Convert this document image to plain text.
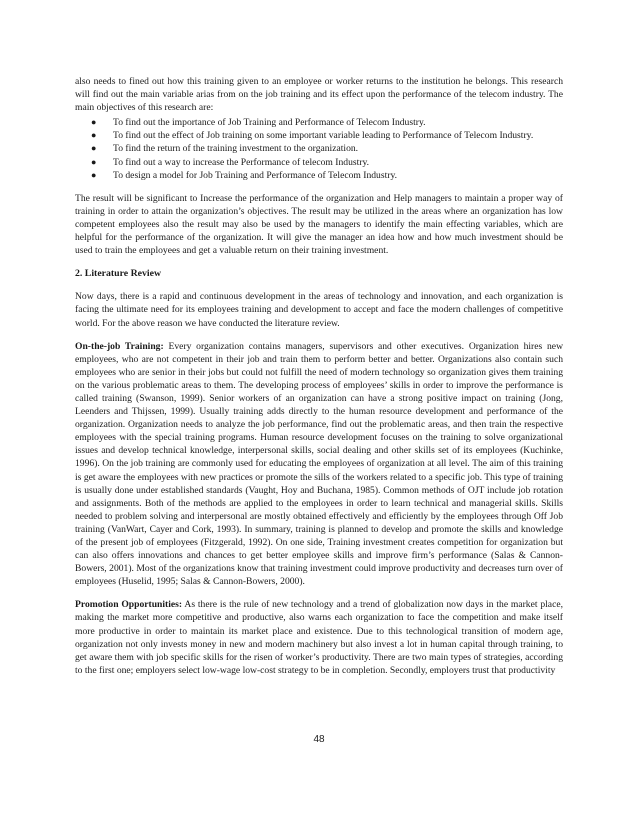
also needs to fined out how this training given to an employee or worker returns to the institution he belongs. This research will find out the main variable arias from on the job training and its effect upon the performance of the telecom industry. The main objectives of this research are:

● To find out the importance of Job Training and Performance of Telecom Industry.
● To find out the effect of Job training on some important variable leading to Performance of Telecom Industry.
● To find the return of the training investment to the organization.
● To find out a way to increase the Performance of telecom Industry.
● To design a model for Job Training and Performance of Telecom Industry.

The result will be significant to Increase the performance of the organization and Help managers to maintain a proper way of training in order to attain the organization’s objectives. The result may be utilized in the areas where an organization has low competent employees also the result may also be used by the managers to identify the main effecting variables, which are helpful for the performance of the organization. It will give the manager an idea how and how much investment should be used to train the employees and get a valuable return on their training investment.

2. Literature Review

Now days, there is a rapid and continuous development in the areas of technology and innovation, and each organization is facing the ultimate need for its employees training and development to accept and face the modern challenges of competitive world. For the above reason we have conducted the literature review.

On-the-job Training: Every organization contains managers, supervisors and other executives. Organization hires new employees, who are not competent in their job and train them to perform better and better. Organizations also contain such employees who are senior in their jobs but could not fulfill the need of modern technology so organization gives them training on the various problematic areas to them. The developing process of employees’ skills in order to improve the performance is called training (Swanson, 1999). Senior workers of an organization can have a strong positive impact on training (Jong, Leenders and Thijssen, 1999). Usually training adds directly to the human resource development and performance of the organization. Organization needs to analyze the job performance, find out the problematic areas, and then train the respective employees with the special training programs. Human resource development focuses on the training to solve organizational issues and develop technical knowledge, interpersonal skills, social dealing and other skills set of its employees (Kuchinke, 1996). On the job training are commonly used for educating the employees of organization at all level. The aim of this training is get aware the employees with new practices or promote the sills of the workers related to a specific job. This type of training is usually done under established standards (Vaught, Hoy and Buchana, 1985). Common methods of OJT include job rotation and assignments. Both of the methods are applied to the employees in order to learn technical and managerial skills. Skills needed to problem solving and interpersonal are mostly obtained effectively and efficiently by the employees through Off Job training (VanWart, Cayer and Cork, 1993). In summary, training is planned to develop and promote the skills and knowledge of the present job of employees (Fitzgerald, 1992). On one side, Training investment creates competition for organization but can also offers innovations and chances to get better employee skills and improve firm’s performance (Salas & Cannon-Bowers, 2001). Most of the organizations know that training investment could improve productivity and decreases turn over of employees (Huselid, 1995; Salas & Cannon-Bowers, 2000).

Promotion Opportunities: As there is the rule of new technology and a trend of globalization now days in the market place, making the market more competitive and productive, also warns each organization to face the competition and make itself more productive in order to maintain its market place and existence. Due to this technological transition of modern age, organization not only invests money in new and modern machinery but also invest a lot in human capital through training, to get aware them with job specific skills for the risen of worker’s productivity. There are two main types of strategies, according to the first one; employers select low-wage low-cost strategy to be in completion. Secondly, employers trust that productivity

48
